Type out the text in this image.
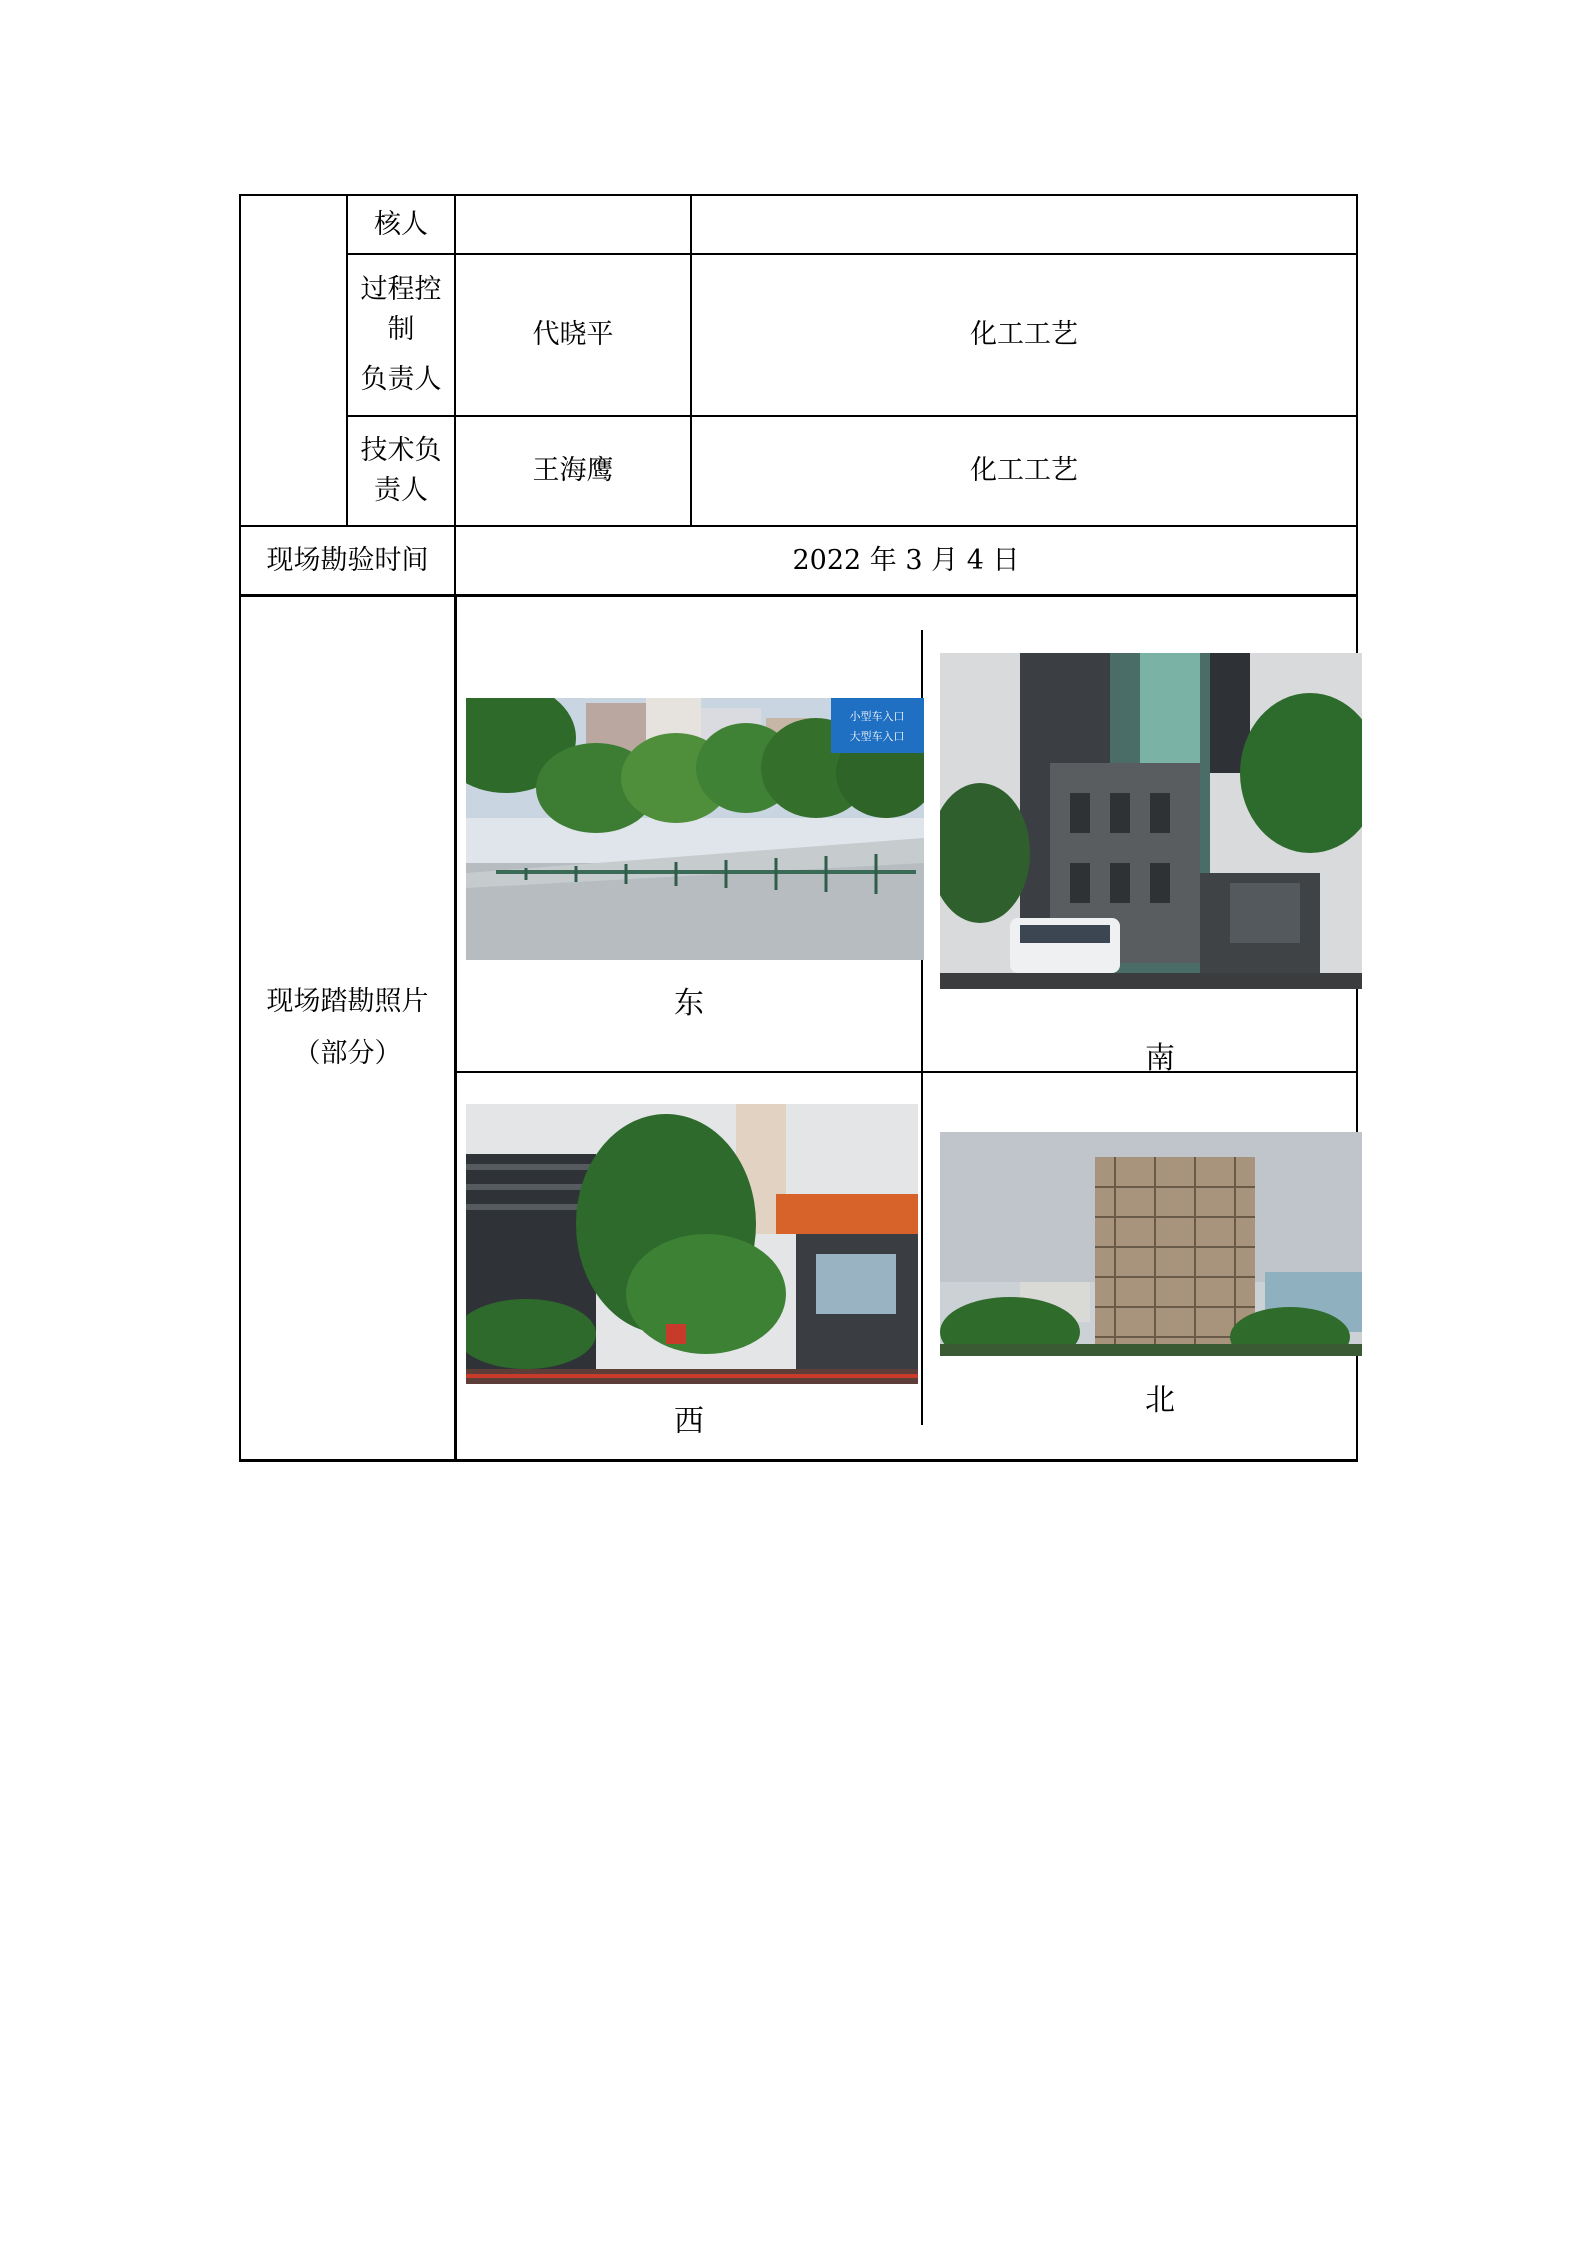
核人
过程控
制
负责人
代晓平	化工工艺
技术负
责人
王海鹰	化工工艺
现场勘验时间	2022 年 3 月 4 日
现场踏勘照片
（部分）
小型车入口
大型车入口
东
南
西
北
